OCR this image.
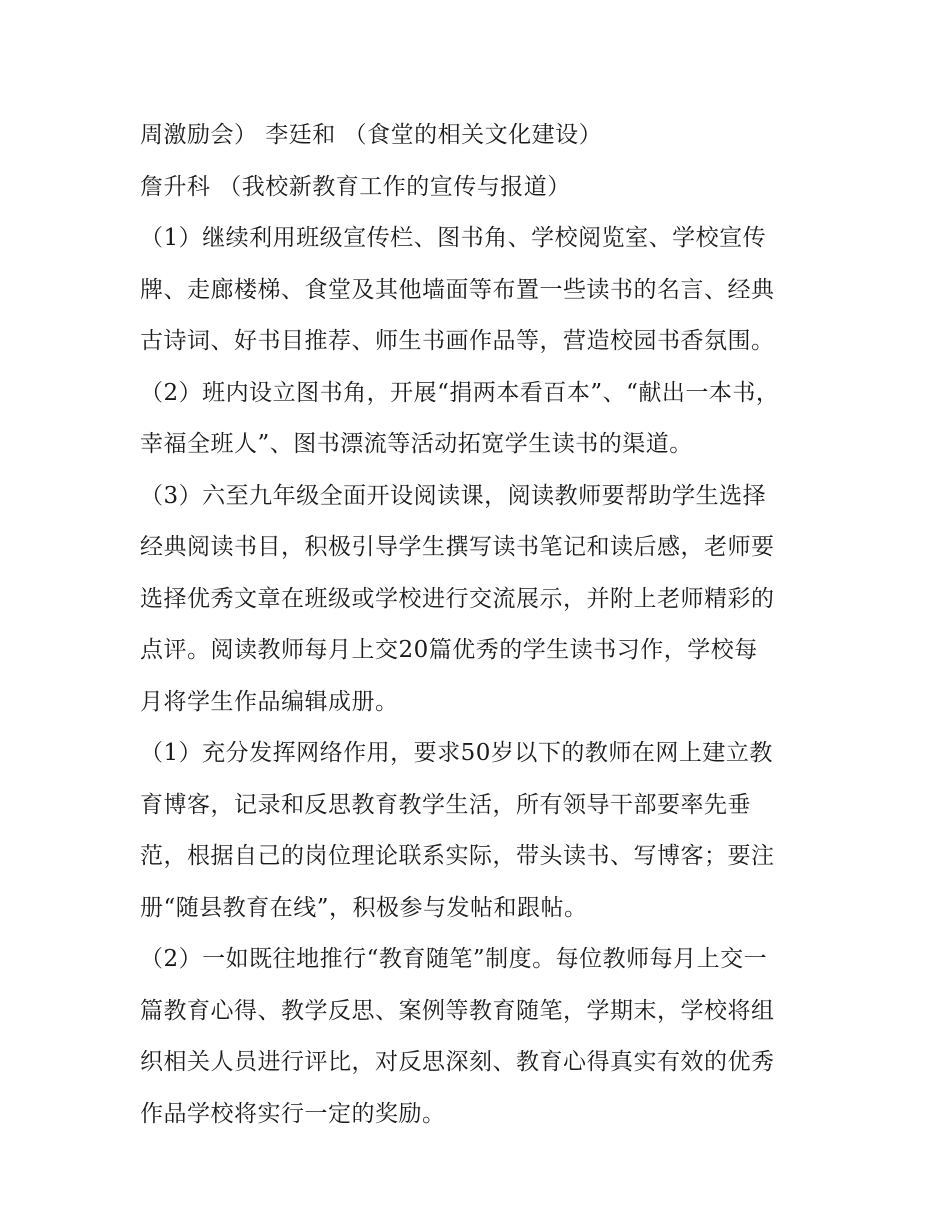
周激励会） 李廷和 （食堂的相关文化建设）
詹升科 （我校新教育工作的宣传与报道）
（1）继续利用班级宣传栏、图书角、学校阅览室、学校宣传
牌、走廊楼梯、食堂及其他墙面等布置一些读书的名言、经典
古诗词、好书目推荐、师生书画作品等，营造校园书香氛围。
（2）班内设立图书角，开展“捐两本看百本”、“献出一本书，
幸福全班人”、图书漂流等活动拓宽学生读书的渠道。
（3）六至九年级全面开设阅读课，阅读教师要帮助学生选择
经典阅读书目，积极引导学生撰写读书笔记和读后感，老师要
选择优秀文章在班级或学校进行交流展示，并附上老师精彩的
点评。阅读教师每月上交20篇优秀的学生读书习作，学校每
月将学生作品编辑成册。
（1）充分发挥网络作用，要求50岁以下的教师在网上建立教
育博客，记录和反思教育教学生活，所有领导干部要率先垂
范，根据自己的岗位理论联系实际，带头读书、写博客；要注
册“随县教育在线”，积极参与发帖和跟帖。
（2）一如既往地推行“教育随笔”制度。每位教师每月上交一
篇教育心得、教学反思、案例等教育随笔，学期末，学校将组
织相关人员进行评比，对反思深刻、教育心得真实有效的优秀
作品学校将实行一定的奖励。
